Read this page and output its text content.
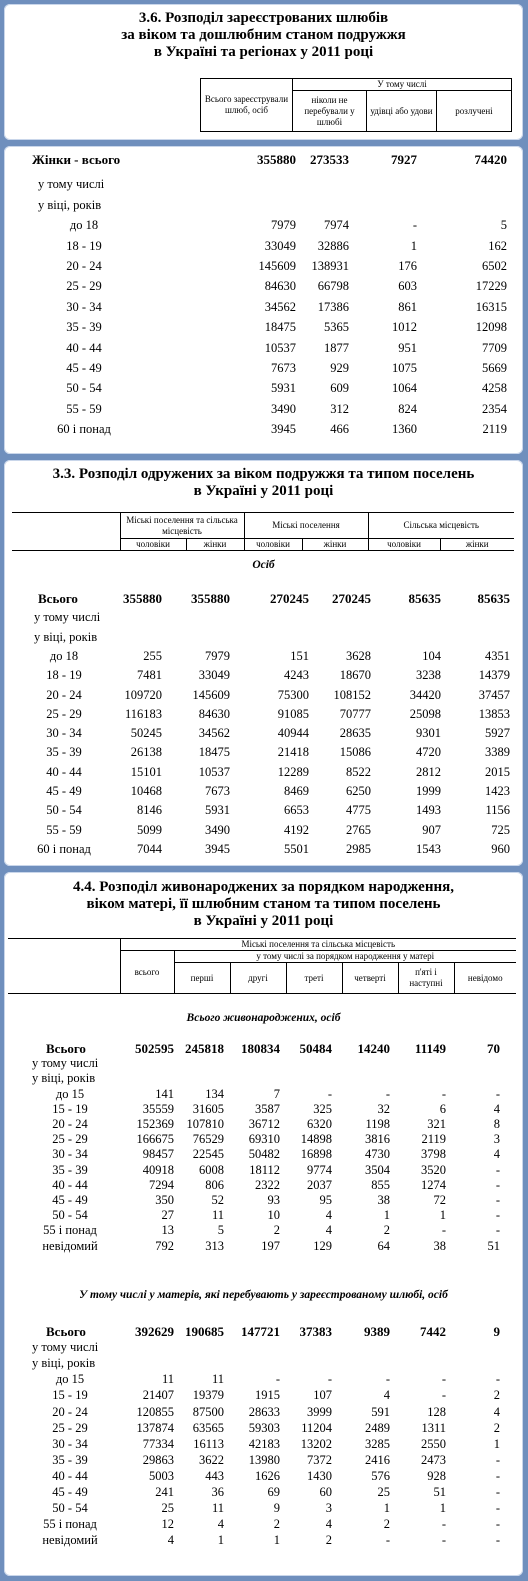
3.6. Розподіл зареєстрованих шлюбів
за віком та дошлюбним станом подружжя
в Україні та регіонах у 2011 році
Всього зареєстрували шлюб, осіб	У тому числі		
	ніколи не перебували у шлюбі	удівці або удови	розлучені
Жінки - всього	355880 273533	7927	74420
у тому числі
у віці, років
до 18	7979 7974	-	5
18 - 19	33049 32886	1	162
20 - 24	145609 138931	176	6502
25 - 29	84630 66798	603	17229
30 - 34	34562 17386	861	16315
35 - 39	18475 5365	1012	12098
40 - 44	10537 1877	951	7709
45 - 49	7673	929	1075	5669
50 - 54	5931	609	1064	4258
55 - 59	3490	312	824	2354
60 і понад	3945	466	1360	2119
3.3. Розподіл одружених за віком подружжя та типом поселень
в Україні у 2011 році
	Міські поселення та сільська місцевість		Міські поселення		Сільська місцевість	
	чоловіки	жінки	чоловіки	жінки	чоловіки	жінки
Осіб
Всього	355880 355880	270245 270245	85635	85635
у тому числі
у віці, років
до 18	255	7979	151	3628	104	4351
18 - 19	7481	33049	4243 18670	3238	14379
20 - 24	109720 145609	75300 108152	34420	37457
25 - 29	116183	84630	91085 70777	25098	13853
30 - 34	50245	34562	40944 28635	9301	5927
35 - 39	26138	18475	21418 15086	4720	3389
40 - 44	15101	10537	12289	8522	2812	2015
45 - 49	10468	7673	8469	6250	1999	1423
50 - 54	8146	5931	6653	4775	1493	1156
55 - 59	5099	3490	4192	2765	907	725
60 і понад	7044	3945	5501	2985	1543	960
4.4. Розподіл живонароджених за порядком народження,
віком матері, її шлюбним станом та типом поселень
в Україні у 2011 році
	Міські поселення та сільська місцевість						
	всього	у тому числі за порядком народження у матері					
		перші	другі	треті	четверті	п'яті і наступні	невідомо
Всього живонароджених, осіб
У тому числі у матерів, які перебувають у зареєстрованому шлюбі, осіб
Всього	502595 245818 180834 50484 14240 11149	70
у тому числі
у віці, років
до 15	141	134	7	-	-	-	-
15 - 19	35559 31605 3587	325	32	6	4
20 - 24	152369 107810 36712 6320	1198	321	8
25 - 29	166675 76529 69310 14898	3816	2119	3
30 - 34	98457 22545 50482 16898	4730 3798	4
35 - 39	40918 6008 18112 9774	3504 3520	-
40 - 44	7294	806 2322 2037	855 1274	-
45 - 49	350	52	93	95	38	72	-
50 - 54	27	11	10	4	1	1	-
55 і понад	13	5	2	4	2	-	-
невідомий	792	313	197	129	64	38	51
Всього	392629 190685 147721 37383 9389 7442	9
у тому числі
у віці, років
до 15	11	11	-	-	-	-	-
15 - 19	21407 19379 1915	107	4	-	2
20 - 24	120855 87500 28633 3999	591	128	4
25 - 29	137874 63565 59303 11204	2489	1311	2
30 - 34	77334 16113 42183 13202	3285 2550	1
35 - 39	29863 3622 13980 7372	2416 2473	-
40 - 44	5003	443 1626 1430	576	928	-
45 - 49	241	36	69	60	25	51	-
50 - 54	25	11	9	3	1	1	-
55 і понад	12	4	2	4	2	-	-
невідомий	4	1	1	2	-	-	-
